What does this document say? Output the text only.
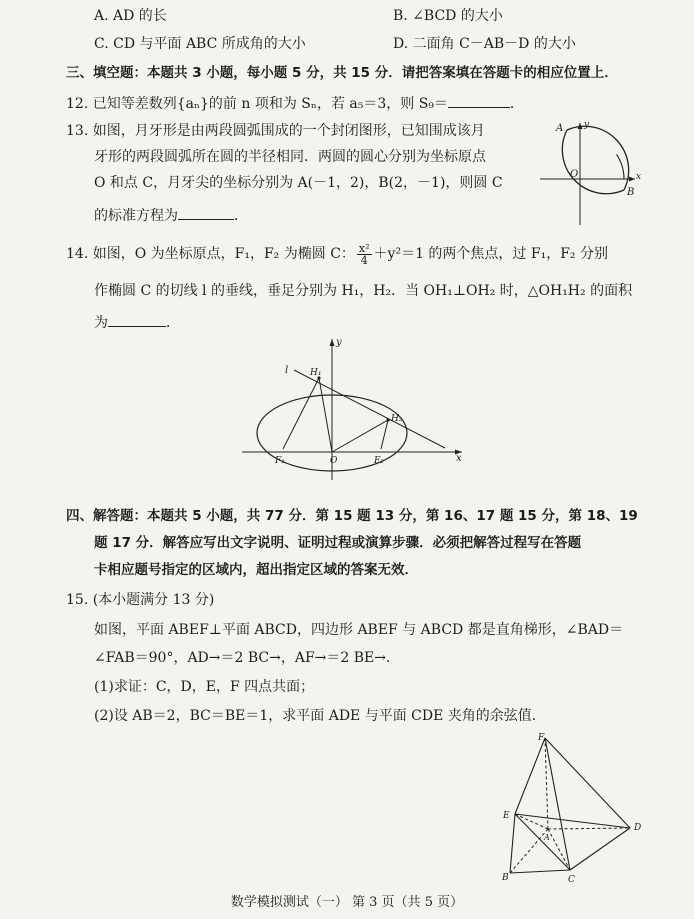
A. AD 的长	B. ∠BCD 的大小
C. CD 与平面 ABC 所成角的大小	D. 二面角 C－AB－D 的大小
三、填空题：本题共 3 小题，每小题 5 分，共 15 分．请把答案填在答题卡的相应位置上．
12. 已知等差数列{aₙ}的前 n 项和为 Sₙ，若 a₅＝3，则 S₉＝	．
13. 如图，月牙形是由两段圆弧围成的一个封闭图形，已知围成该月
牙形的两段圆弧所在圆的半径相同．两圆的圆心分别为坐标原点
O 和点 C，月牙尖的坐标分别为 A(－1，2)，B(2，－1)，则圆 C
的标准方程为	．
A
B
O	x
y
14. 如图，O 为坐标原点，F₁，F₂ 为椭圆 C： $\frac{\text{x²}}{4} +y^2=1$ 的两个焦点，过 F₁，F₂ 分别
作椭圆 C 的切线 l 的垂线，垂足分别为 H₁，H₂．当 OH₁⊥OH₂ 时，△OH₁H₂ 的面积
为	．
y
x
l H₁
H₂
F₁	O	F₂
四、解答题：本题共 5 小题，共 77 分．第 15 题 13 分，第 16、17 题 15 分，第 18、19
题 17 分．解答应写出文字说明、证明过程或演算步骤．必须把解答过程写在答题
卡相应题号指定的区域内，超出指定区域的答案无效．
15. (本小题满分 13 分)
如图，平面 ABEF⊥平面 ABCD，四边形 ABEF 与 ABCD 都是直角梯形，∠BAD＝
∠FAB＝90°，AD→＝2 BC→，AF→＝2 BE→．
(1)求证：C，D，E，F 四点共面；
(2)设 AB＝2，BC＝BE＝1，求平面 ADE 与平面 CDE 夹角的余弦值．
F
E
A
D
B	C
数学模拟测试（一） 第 3 页（共 5 页）
